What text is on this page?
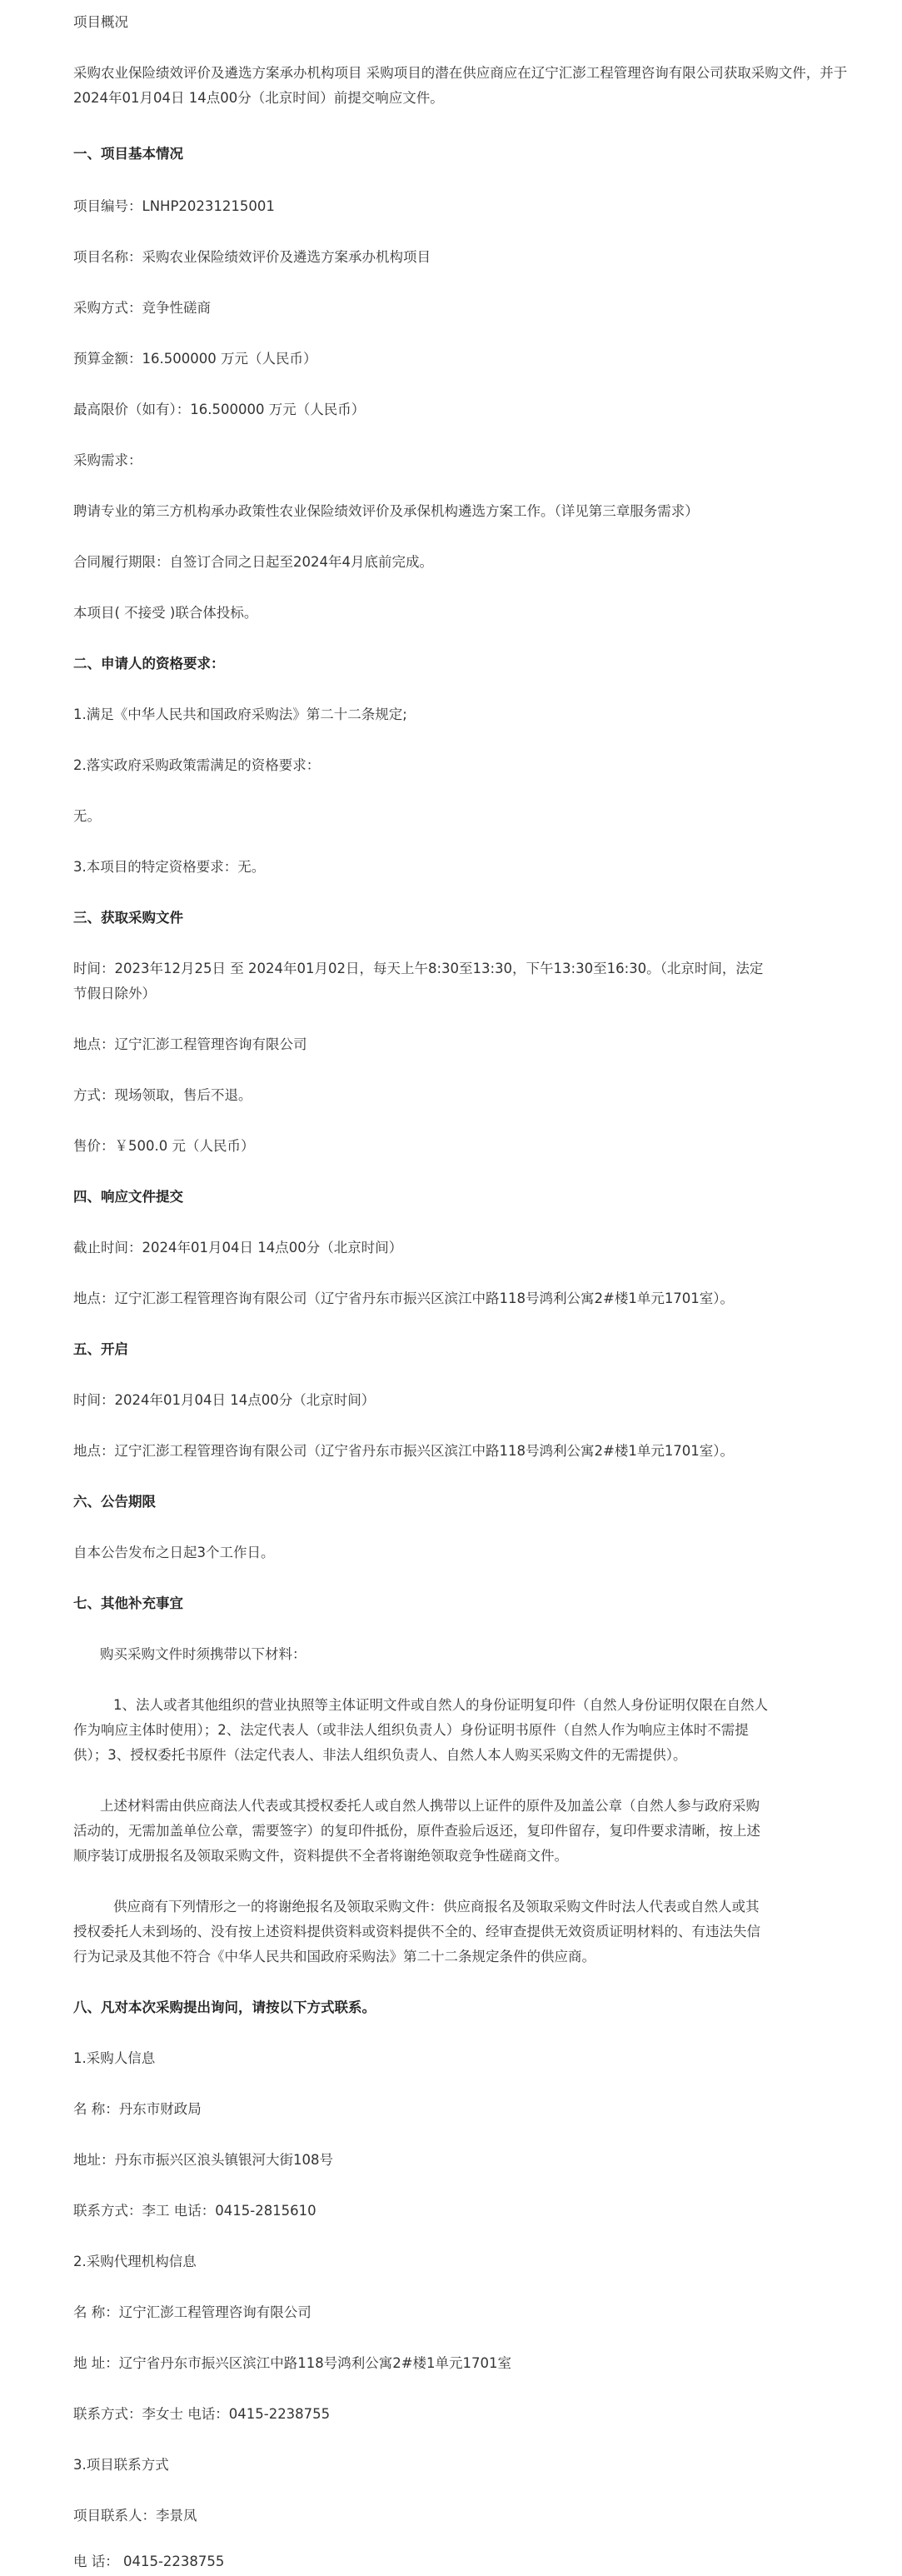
项目概况
采购农业保险绩效评价及遴选方案承办机构项目 采购项目的潜在供应商应在辽宁汇澎工程管理咨询有限公司获取采购文件，并于2024年01月04日 14点00分（北京时间）前提交响应文件。
一、项目基本情况
项目编号：LNHP20231215001
项目名称：采购农业保险绩效评价及遴选方案承办机构项目
采购方式：竞争性磋商
预算金额：16.500000 万元（人民币）
最高限价（如有）：16.500000 万元（人民币）
采购需求：
聘请专业的第三方机构承办政策性农业保险绩效评价及承保机构遴选方案工作。（详见第三章服务需求）
合同履行期限：自签订合同之日起至2024年4月底前完成。
本项目( 不接受 )联合体投标。
二、申请人的资格要求：
1.满足《中华人民共和国政府采购法》第二十二条规定;
2.落实政府采购政策需满足的资格要求：
无。
3.本项目的特定资格要求：无。
三、获取采购文件
时间：2023年12月25日 至 2024年01月02日，每天上午8:30至13:30，下午13:30至16:30。（北京时间，法定
节假日除外）
地点：辽宁汇澎工程管理咨询有限公司
方式：现场领取，售后不退。
售价：￥500.0 元（人民币）
四、响应文件提交
截止时间：2024年01月04日 14点00分（北京时间）
地点：辽宁汇澎工程管理咨询有限公司（辽宁省丹东市振兴区滨江中路118号鸿利公寓2#楼1单元1701室）。
五、开启
时间：2024年01月04日 14点00分（北京时间）
地点：辽宁汇澎工程管理咨询有限公司（辽宁省丹东市振兴区滨江中路118号鸿利公寓2#楼1单元1701室）。
六、公告期限
自本公告发布之日起3个工作日。
七、其他补充事宜
购买采购文件时须携带以下材料：
1、法人或者其他组织的营业执照等主体证明文件或自然人的身份证明复印件（自然人身份证明仅限在自然人
作为响应主体时使用）；2、法定代表人（或非法人组织负责人）身份证明书原件（自然人作为响应主体时不需提
供）；3、授权委托书原件（法定代表人、非法人组织负责人、自然人本人购买采购文件的无需提供）。
上述材料需由供应商法人代表或其授权委托人或自然人携带以上证件的原件及加盖公章（自然人参与政府采购
活动的，无需加盖单位公章，需要签字）的复印件抵份，原件查验后返还，复印件留存，复印件要求清晰，按上述
顺序装订成册报名及领取采购文件，资料提供不全者将谢绝领取竞争性磋商文件。
供应商有下列情形之一的将谢绝报名及领取采购文件：供应商报名及领取采购文件时法人代表或自然人或其
授权委托人未到场的、没有按上述资料提供资料或资料提供不全的、经审查提供无效资质证明材料的、有违法失信
行为记录及其他不符合《中华人民共和国政府采购法》第二十二条规定条件的供应商。
八、凡对本次采购提出询问，请按以下方式联系。
1.采购人信息
名 称：丹东市财政局
地址：丹东市振兴区浪头镇银河大街108号
联系方式：李工 电话：0415-2815610
2.采购代理机构信息
名 称：辽宁汇澎工程管理咨询有限公司
地 址：辽宁省丹东市振兴区滨江中路118号鸿利公寓2#楼1单元1701室
联系方式：李女士 电话：0415-2238755
3.项目联系方式
项目联系人：李景凤
电 话： 0415-2238755
